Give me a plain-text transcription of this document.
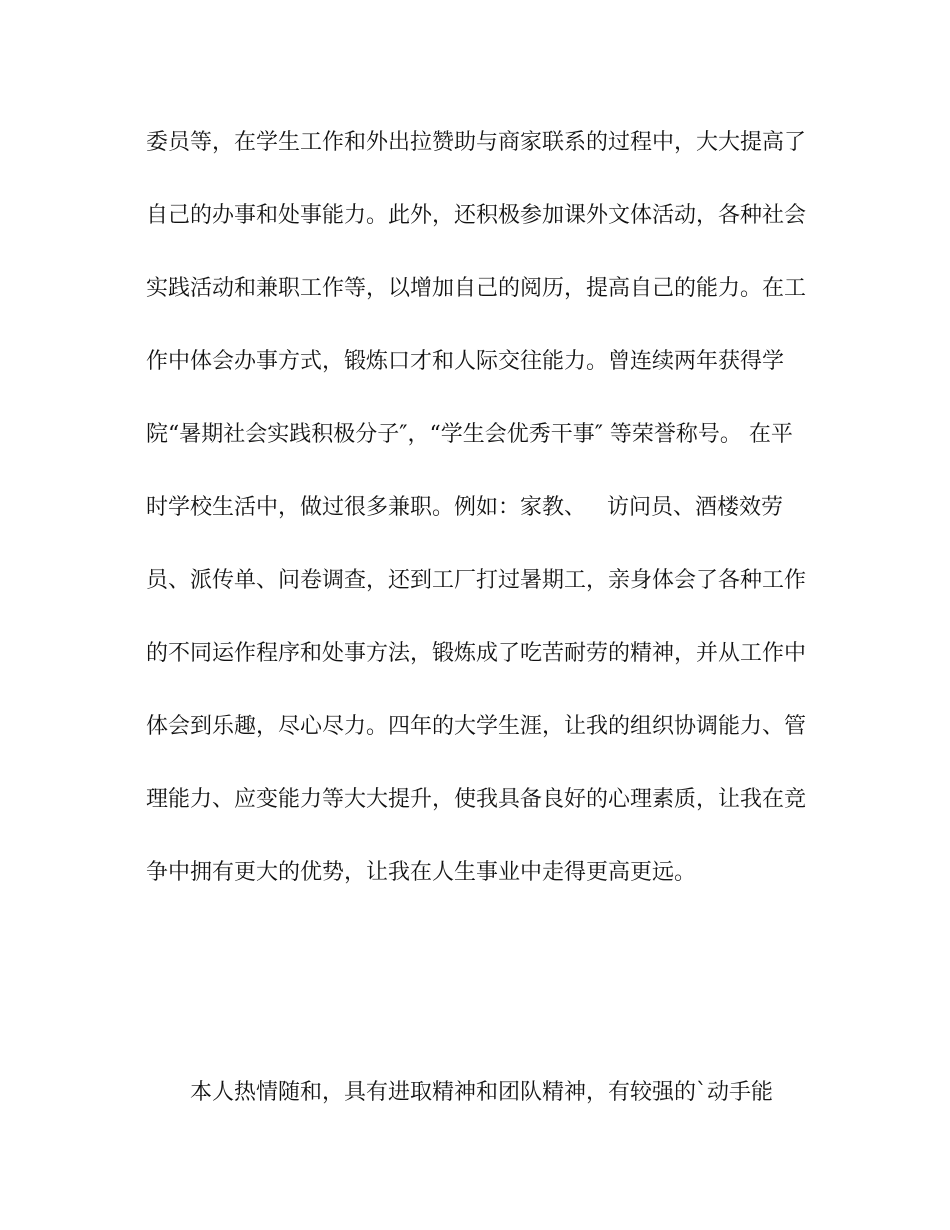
委员等，在学生工作和外出拉赞助与商家联系的过程中，大大提高了
自己的办事和处事能力。此外，还积极参加课外文体活动，各种社会
实践活动和兼职工作等，以增加自己的阅历，提高自己的能力。在工
作中体会办事方式，锻炼口才和人际交往能力。曾连续两年获得学
院“暑期社会实践积极分子″，“学生会优秀干事″ 等荣誉称号。 在平
时学校生活中，做过很多兼职。例如：家教、   访问员、酒楼效劳
员、派传单、问卷调查，还到工厂打过暑期工，亲身体会了各种工作
的不同运作程序和处事方法，锻炼成了吃苦耐劳的精神，并从工作中
体会到乐趣，尽心尽力。四年的大学生涯，让我的组织协调能力、管
理能力、应变能力等大大提升，使我具备良好的心理素质，让我在竞
争中拥有更大的优势，让我在人生事业中走得更高更远。
本人热情随和，具有进取精神和团队精神，有较强的`动手能
